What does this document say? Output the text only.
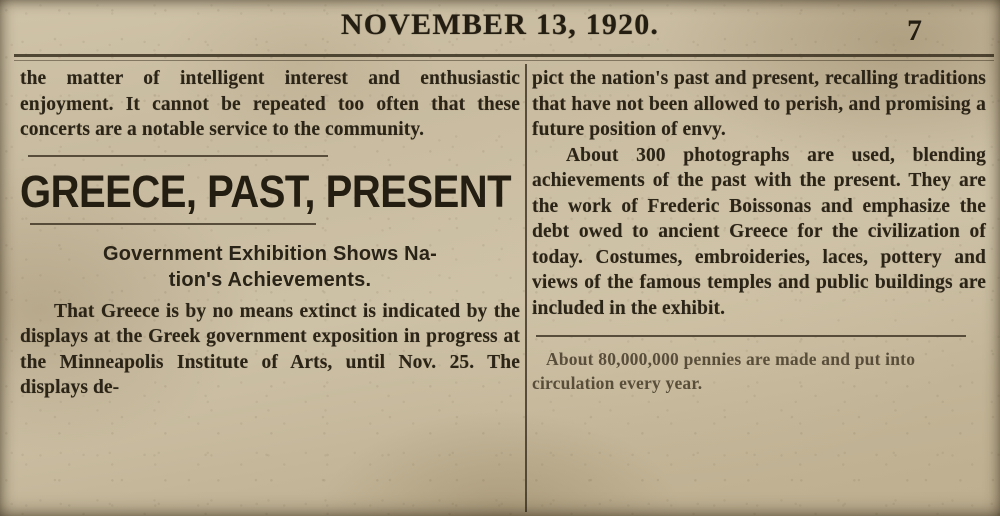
NOVEMBER 13, 1920.	7

the matter of intelligent interest and enthusiastic enjoyment. It cannot be repeated too often that these concerts are a notable service to the community.

GREECE, PAST, PRESENT
Government Exhibition Shows Na-
tion's Achievements.

That Greece is by no means extinct is indicated by the displays at the Greek government exposition in progress at the Minneapolis Institute of Arts, until Nov. 25. The displays de-

pict the nation's past and present, recalling traditions that have not been allowed to perish, and promising a future position of envy.

About 300 photographs are used, blending achievements of the past with the present. They are the work of Frederic Boissonas and emphasize the debt owed to ancient Greece for the civilization of today. Costumes, embroideries, laces, pottery and views of the famous temples and public buildings are included in the exhibit.

About 80,000,000 pennies are made and put into circulation every year.
